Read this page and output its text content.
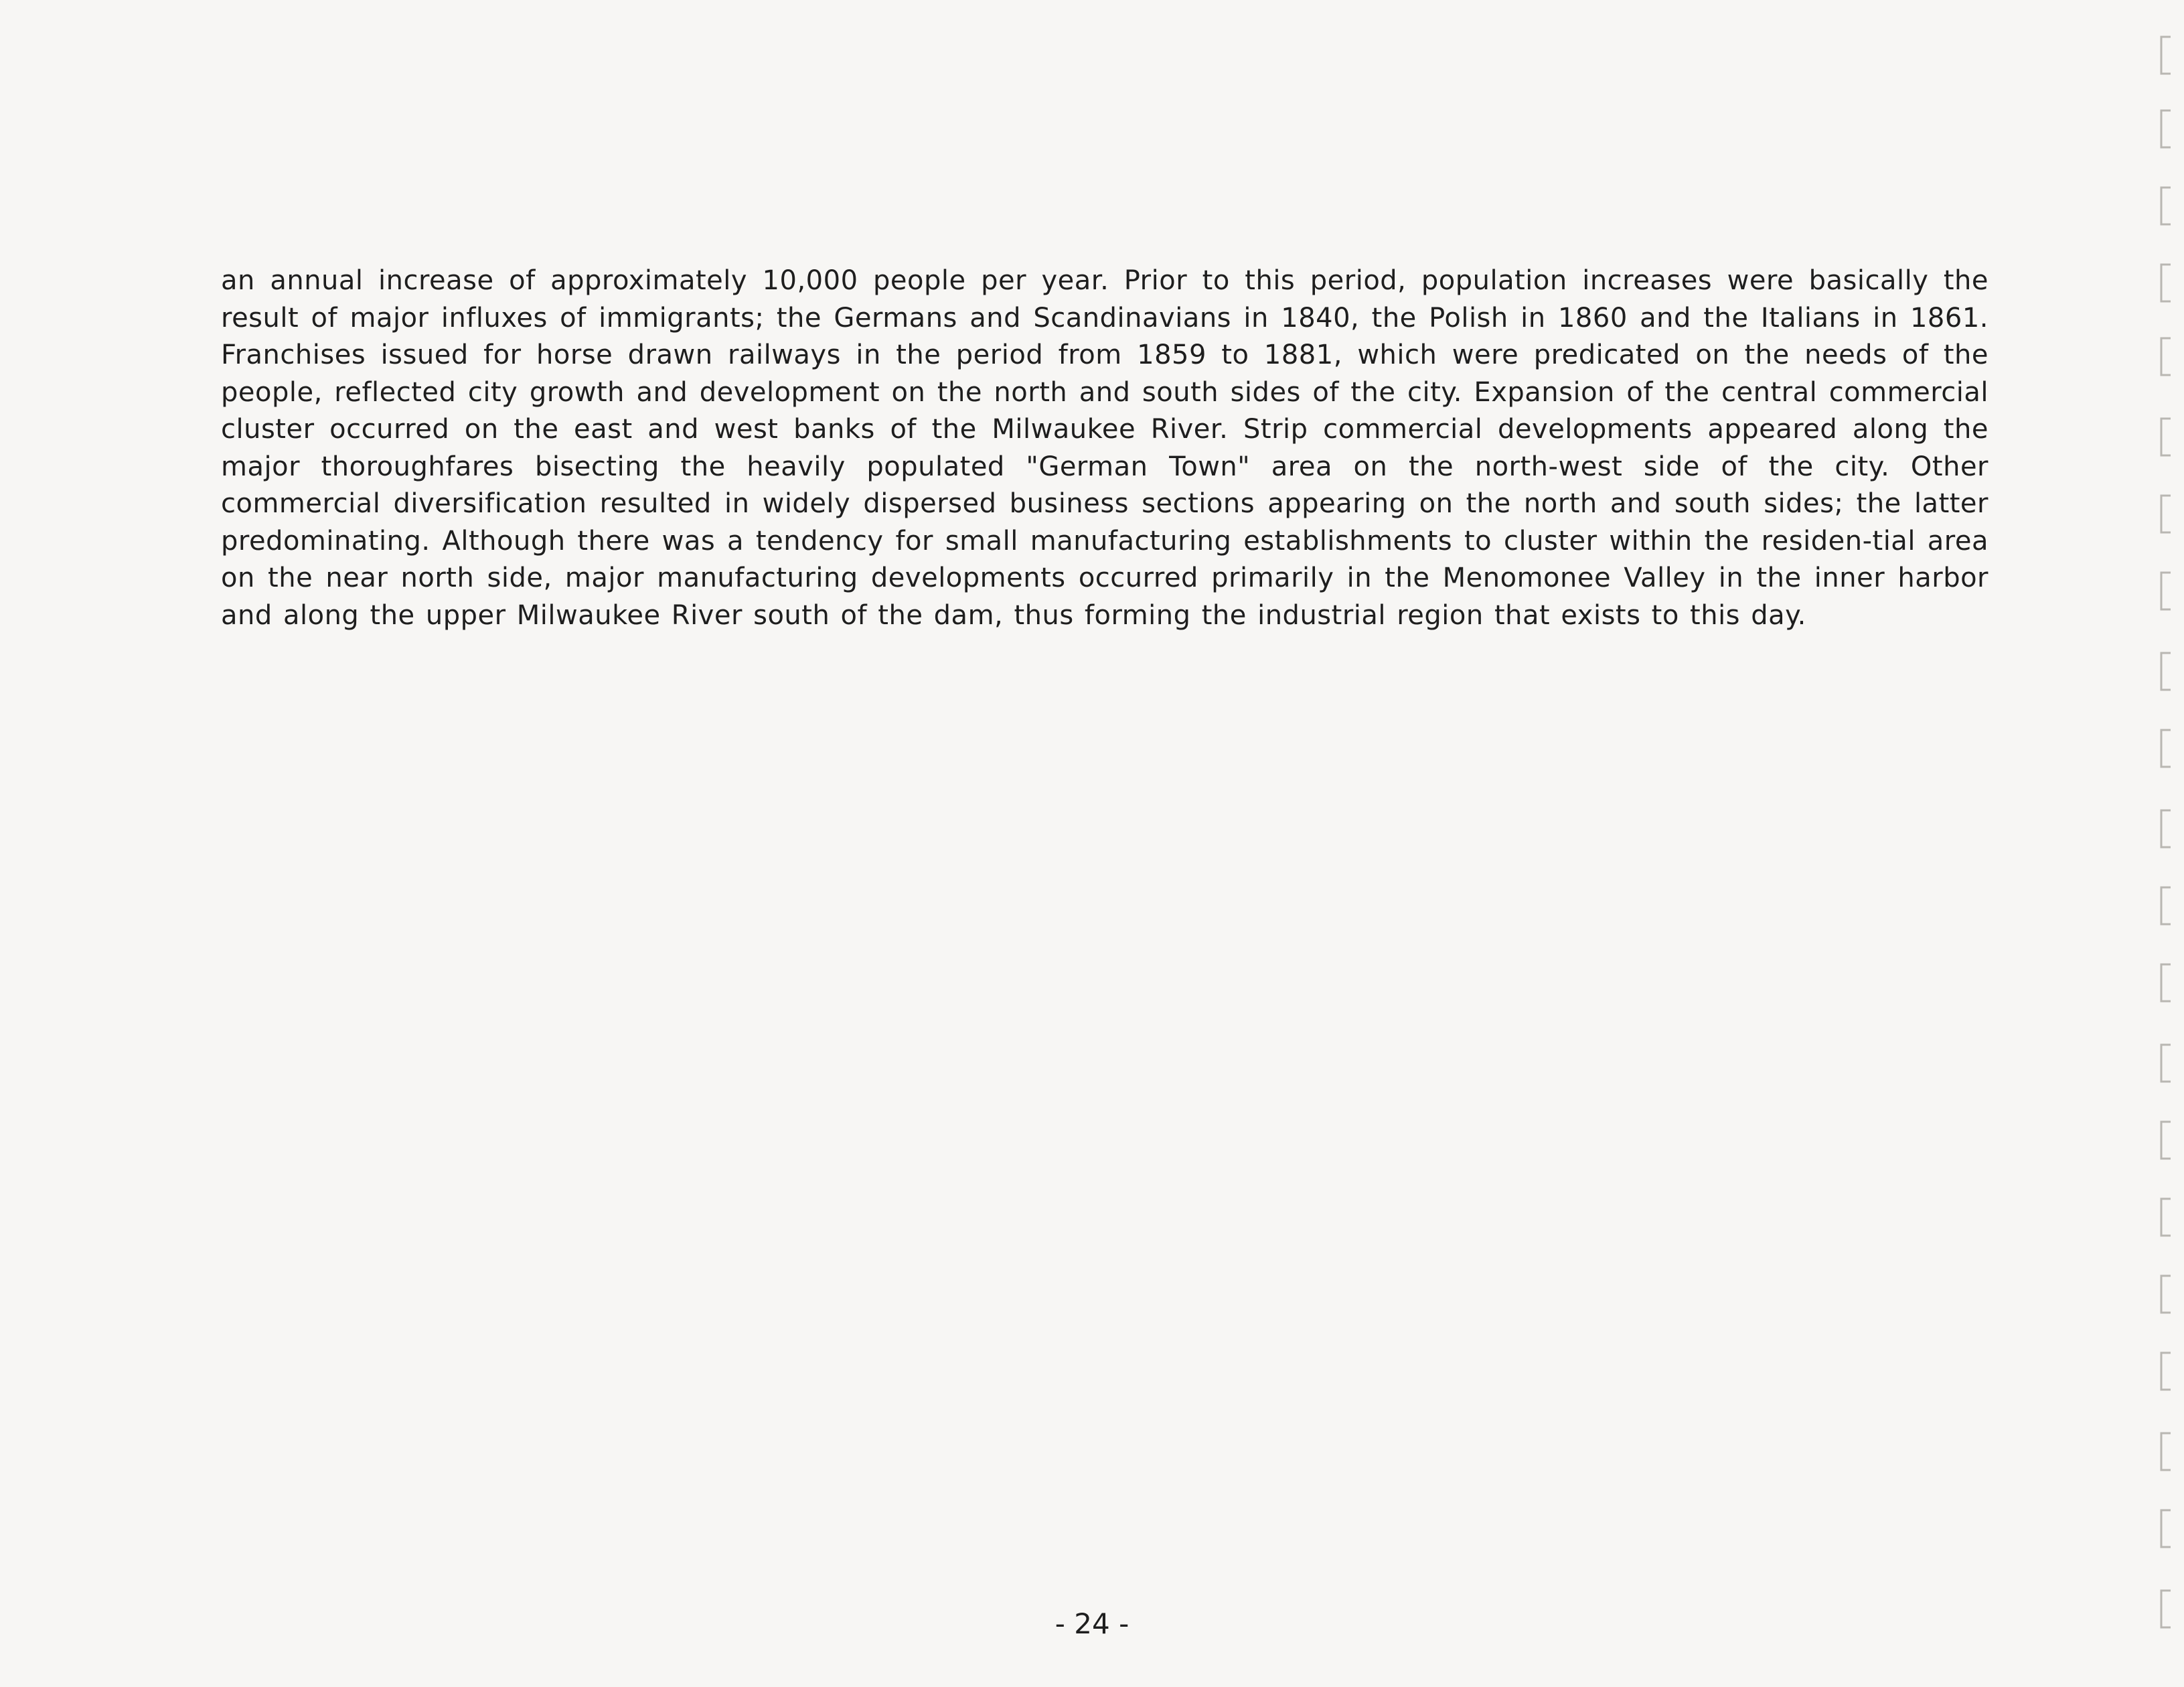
an annual increase of approximately 10,000 people per year. Prior to this period, population increases were basically the result of major influxes of immigrants; the Germans and Scandinavians in 1840, the Polish in 1860 and the Italians in 1861. Franchises issued for horse drawn railways in the period from 1859 to 1881, which were predicated on the needs of the people, reflected city growth and development on the north and south sides of the city. Expansion of the central commercial cluster occurred on the east and west banks of the Milwaukee River. Strip commercial developments appeared along the major thoroughfares bisecting the heavily populated "German Town" area on the north-west side of the city. Other commercial diversification resulted in widely dispersed business sections appearing on the north and south sides; the latter predominating. Although there was a tendency for small manufacturing establishments to cluster within the residen-tial area on the near north side, major manufacturing developments occurred primarily in the Menomonee Valley in the inner harbor and along the upper Milwaukee River south of the dam, thus forming the industrial region that exists to this day.

- 24 -
